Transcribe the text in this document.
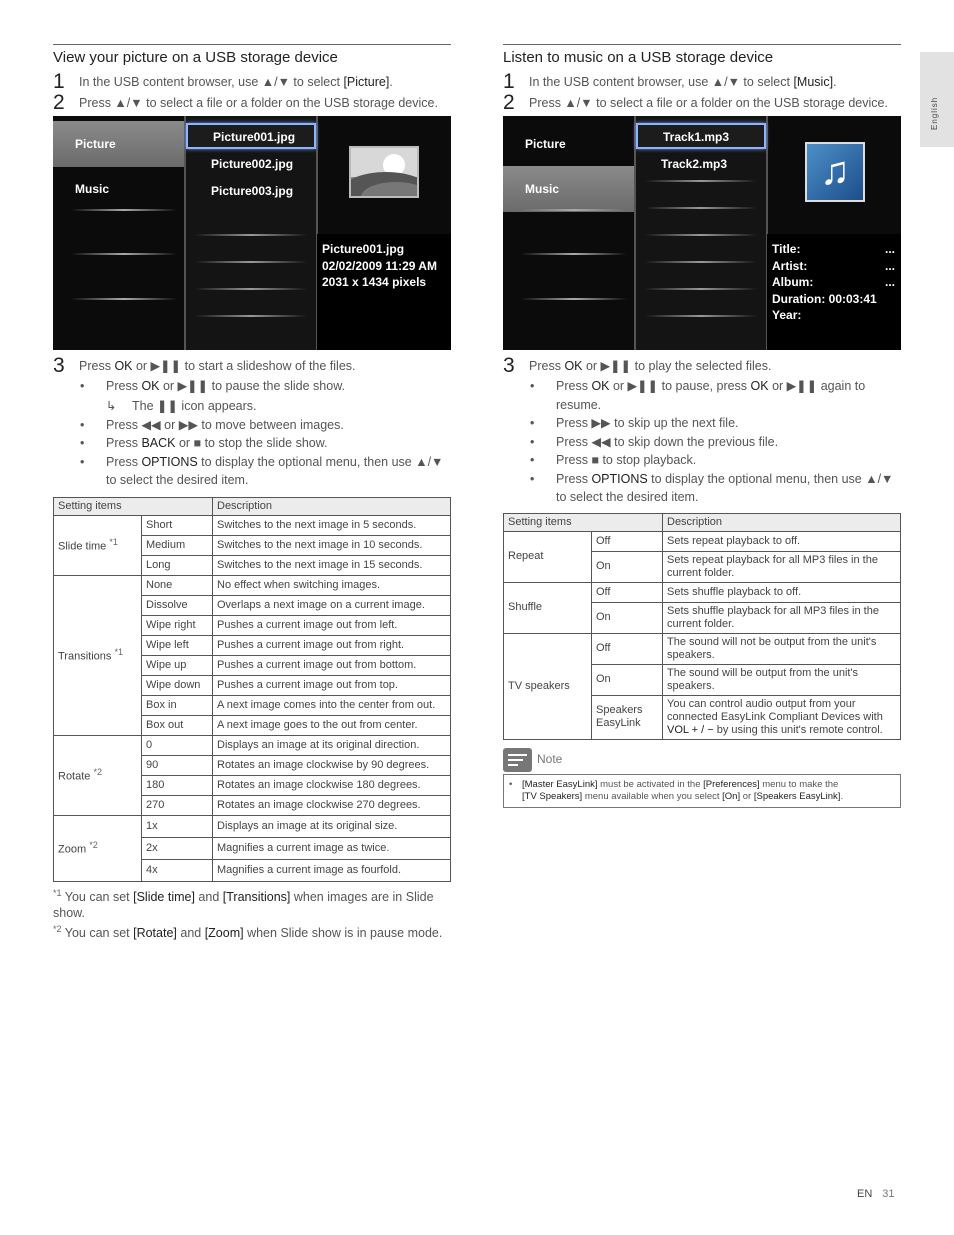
View your picture on a USB storage device
1 In the USB content browser, use ▲/▼ to select [Picture].
2 Press ▲/▼ to select a file or a folder on the USB storage device.
Picture
Music
Picture001.jpg
Picture002.jpg
Picture003.jpg
Picture001.jpg
02/02/2009 11:29 AM
2031 x 1434 pixels
3 Press OK or ▶❚❚ to start a slideshow of the files.
• Press OK or ▶❚❚ to pause the slide show.
↳ The ❚❚ icon appears.
• Press ◀◀ or ▶▶ to move between images.
• Press BACK or ■ to stop the slide show.
• Press OPTIONS to display the optional menu, then use ▲/▼
to select the desired item.
Setting items		Description
Slide time $^{*1}$	Short	Switches to the next image in 5 seconds.
	Medium	Switches to the next image in 10 seconds.
	Long	Switches to the next image in 15 seconds.
Transitions $^{*1}$	None	No effect when switching images.
	Dissolve	Overlaps a next image on a current image.
	Wipe right	Pushes a current image out from left.
	Wipe left	Pushes a current image out from right.
	Wipe up	Pushes a current image out from bottom.
	Wipe down	Pushes a current image out from top.
	Box in	A next image comes into the center from out.
	Box out	A next image goes to the out from center.
Rotate $^{*2}$	0	Displays an image at its original direction.
	90	Rotates an image clockwise by 90 degrees.
	180	Rotates an image clockwise 180 degrees.
	270	Rotates an image clockwise 270 degrees.
Zoom $^{*2}$	1x	Displays an image at its original size.
	2x	Magnifies a current image as twice.
	4x	Magnifies a current image as fourfold.
$^{*1}$ You can set [Slide time] and [Transitions] when images are in Slide show.
$^{*2}$ You can set [Rotate] and [Zoom] when Slide show is in pause mode.
Listen to music on a USB storage device
1 In the USB content browser, use ▲/▼ to select [Music].
2 Press ▲/▼ to select a file or a folder on the USB storage device.
Picture
Music
Track1.mp3
Track2.mp3	♫
Title:	...
Artist:	...
Album:	...
Duration: 00:03:41
Year:
3 Press OK or ▶❚❚ to play the selected files.
• Press OK or ▶❚❚ to pause, press OK or ▶❚❚ again to resume.
• Press ▶▶ to skip up the next file.
• Press ◀◀ to skip down the previous file.
• Press ■ to stop playback.
• Press OPTIONS to display the optional menu, then use ▲/▼
to select the desired item.
Setting items		Description
Repeat	Off	Sets repeat playback to off.
	On	Sets repeat playback for all MP3 files in the current folder.
Shuffle	Off	Sets shuffle playback to off.
	On	Sets shuffle playback for all MP3 files in the current folder.
TV speakers	Off	The sound will not be output from the unit's speakers.
	On	The sound will be output from the unit's speakers.
	Speakers EasyLink	You can control audio output from your connected EasyLink Compliant Devices with VOL + / − by using this unit's remote control.
Note
• [Master EasyLink] must be activated in the [Preferences] menu to make the
[TV Speakers] menu available when you select [On] or [Speakers EasyLink].
English
EN 31
